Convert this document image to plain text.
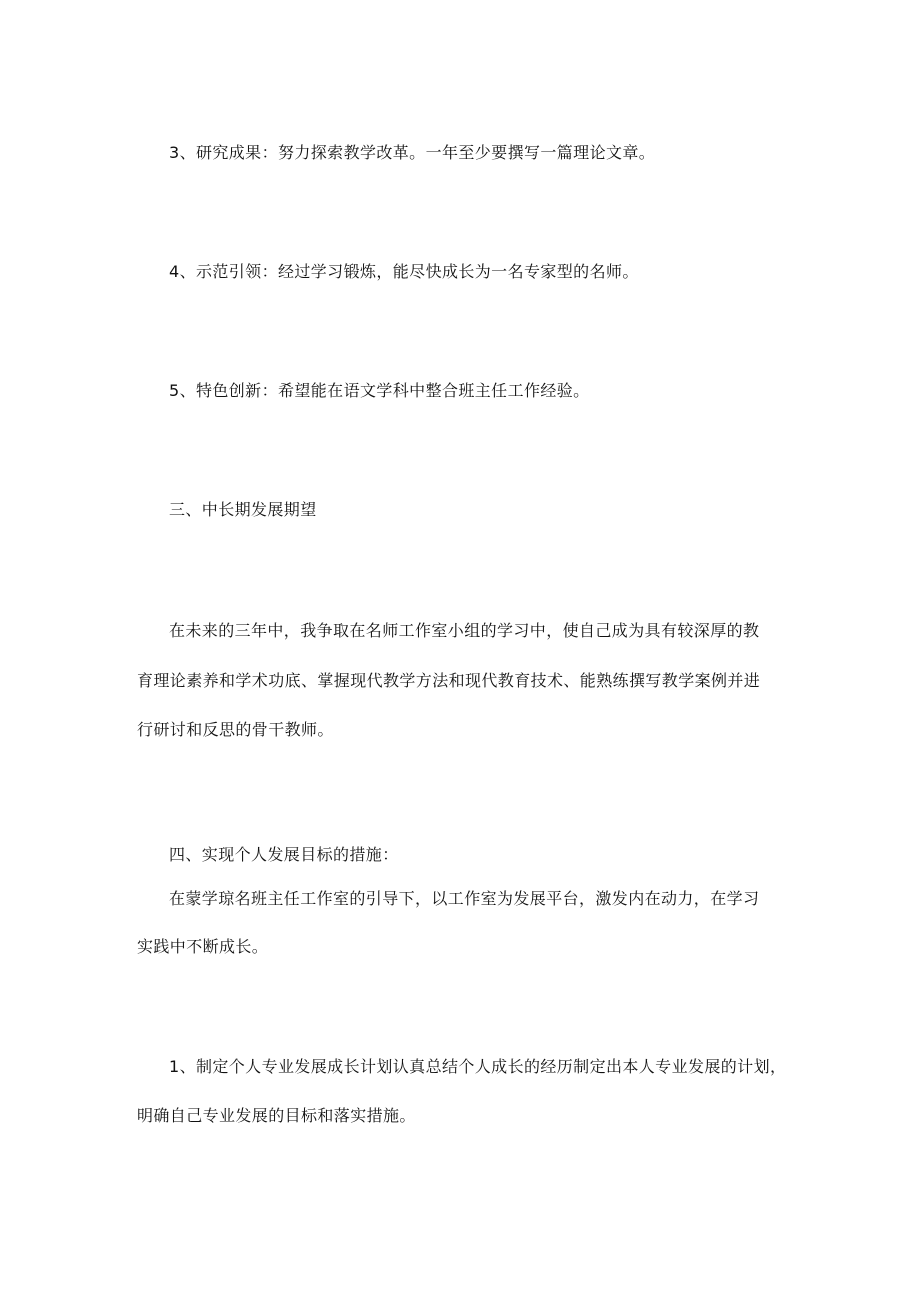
3、研究成果：努力探索教学改革。一年至少要撰写一篇理论文章。
4、示范引领：经过学习锻炼，能尽快成长为一名专家型的名师。
5、特色创新：希望能在语文学科中整合班主任工作经验。
三、中长期发展期望
在未来的三年中，我争取在名师工作室小组的学习中，使自己成为具有较深厚的教
育理论素养和学术功底、掌握现代教学方法和现代教育技术、能熟练撰写教学案例并进
行研讨和反思的骨干教师。
四、实现个人发展目标的措施：
在蒙学琼名班主任工作室的引导下，以工作室为发展平台，激发内在动力，在学习
实践中不断成长。
1、制定个人专业发展成长计划认真总结个人成长的经历制定出本人专业发展的计划，
明确自己专业发展的目标和落实措施。
